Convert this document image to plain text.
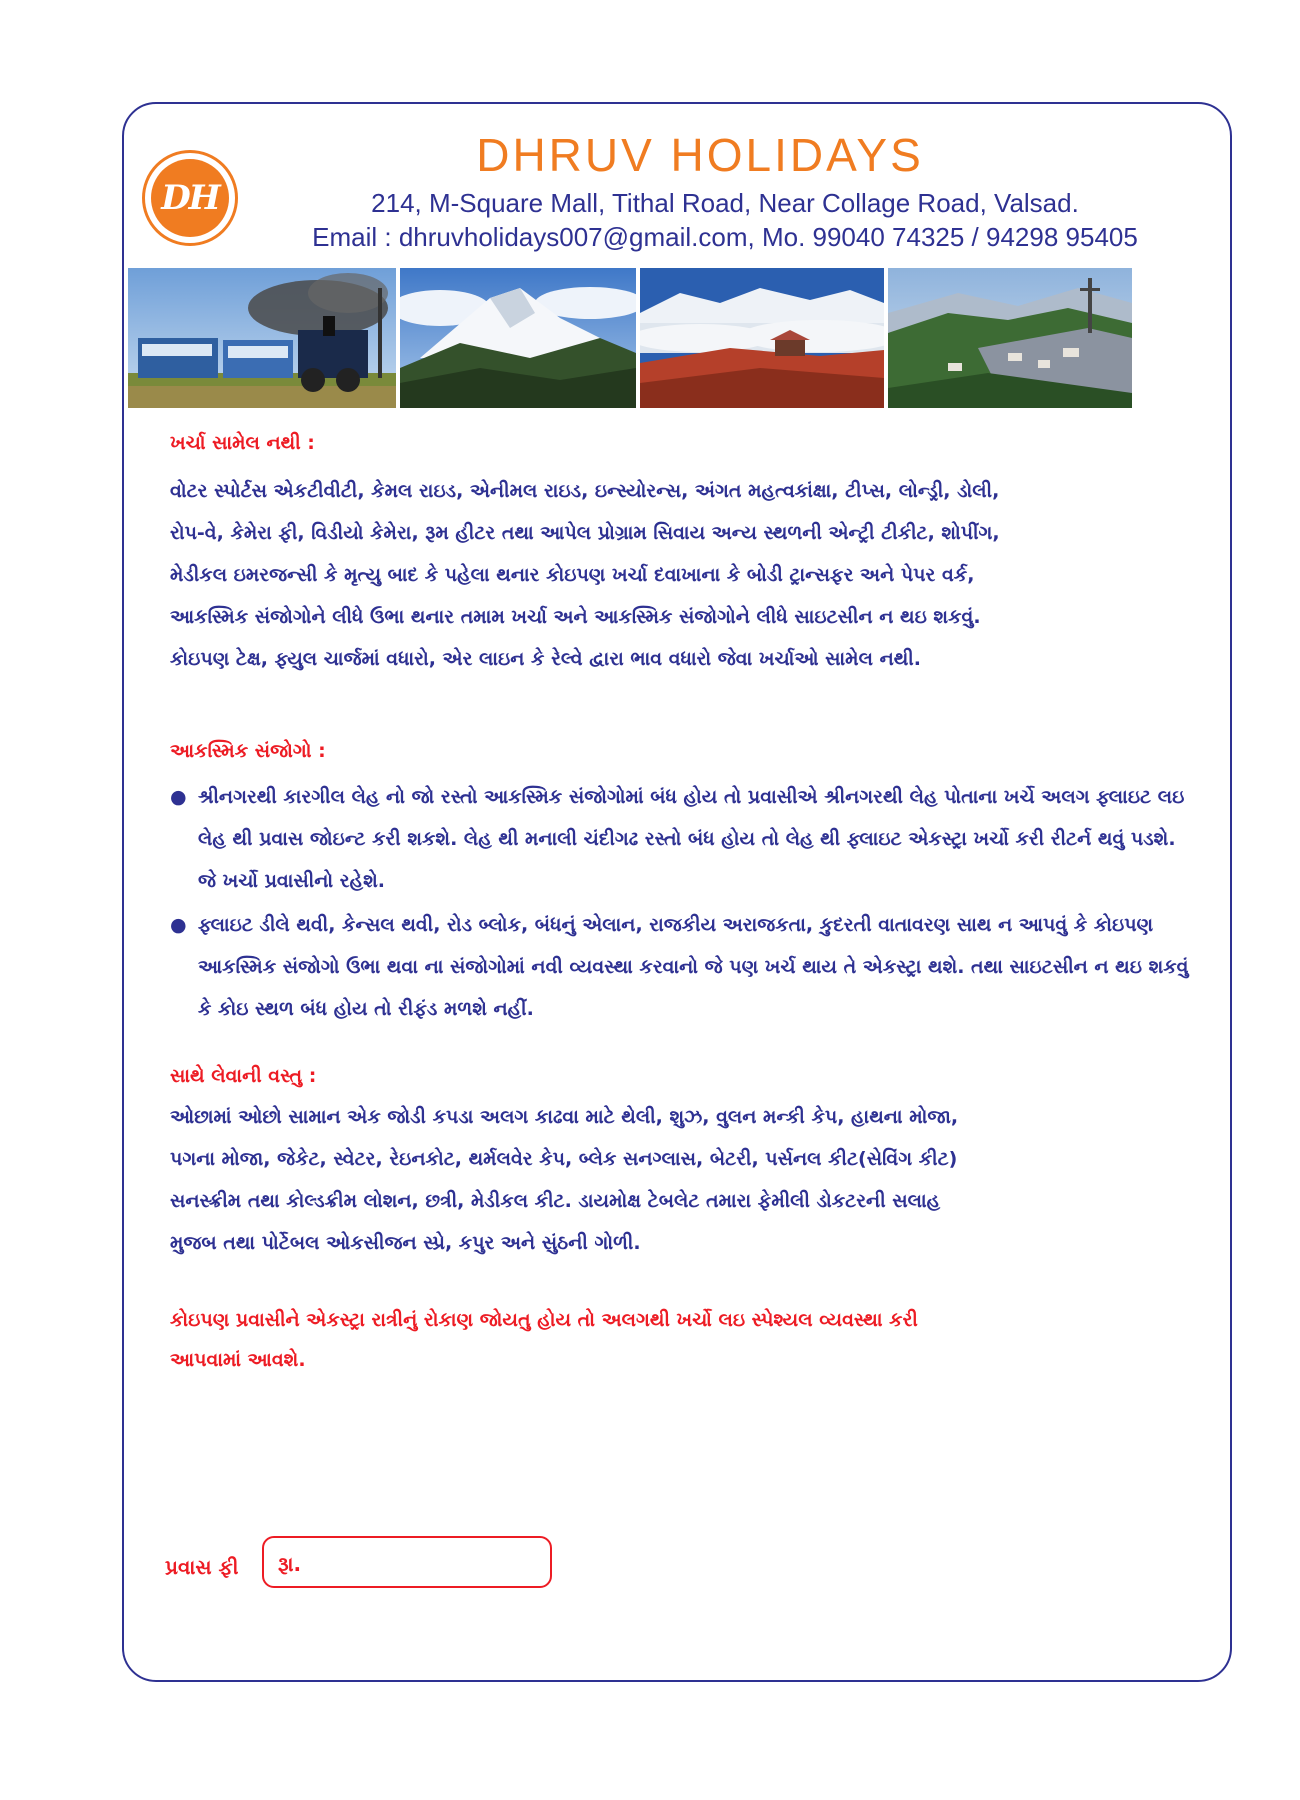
DH
DHRUV HOLIDAYS
214, M-Square Mall, Tithal Road, Near Collage Road, Valsad.
Email : dhruvholidays007@gmail.com, Mo. 99040 74325 / 94298 95405
ખર્ચા સામેલ નથી :

વોટર સ્પોર્ટસ એકટીવીટી, કેમલ રાઇડ, એનીમલ રાઇડ, ઇન્સ્યોરન્સ, અંગત મહત્વકાંક્ષા, ટીપ્સ, લોન્ડ્રી, ડોલી,

રોપ-વે, કેમેરા ફી, વિડીયો કેમેરા, રૂમ હીટર તથા આપેલ પ્રોગ્રામ સિવાય અન્ય સ્થળની એન્ટ્રી ટીકીટ, શોપીંગ,

મેડીકલ ઇમરજન્સી કે મૃત્યુ બાદ કે પહેલા થનાર કોઇપણ ખર્ચા દવાખાના કે બોડી ટ્રાન્સફર અને પેપર વર્ક,

આકસ્મિક સંજોગોને લીધે ઉભા થનાર તમામ ખર્ચા અને આકસ્મિક સંજોગોને લીધે સાઇટસીન ન થઇ શકવું.

કોઇપણ ટેક્ષ, ફ્યુલ ચાર્જમાં વધારો, એર લાઇન કે રેલ્વે દ્વારા ભાવ વધારો જેવા ખર્ચાઓ સામેલ નથી.

આકસ્મિક સંજોગો :
● શ્રીનગરથી કારગીલ લેહ નો જો રસ્તો આકસ્મિક સંજોગોમાં બંધ હોય તો પ્રવાસીએ શ્રીનગરથી લેહ પોતાના ખર્ચે અલગ ફ્લાઇટ લઇ લેહ થી પ્રવાસ જોઇન્ટ કરી શકશે. લેહ થી મનાલી ચંદીગઢ રસ્તો બંધ હોય તો લેહ થી ફ્લાઇટ એકસ્ટ્રા ખર્ચો કરી રીટર્ન થવું પડશે. જે ખર્ચો પ્રવાસીનો રહેશે.
● ફ્લાઇટ ડીલે થવી, કેન્સલ થવી, રોડ બ્લોક, બંધનું એલાન, રાજકીય અરાજકતા, કુદરતી વાતાવરણ સાથ ન આપવું કે કોઇપણ આકસ્મિક સંજોગો ઉભા થવા ના સંજોગોમાં નવી વ્યવસ્થા કરવાનો જે પણ ખર્ચ થાય તે એકસ્ટ્રા થશે. તથા સાઇટસીન ન થઇ શકવું કે કોઇ સ્થળ બંધ હોય તો રીફંડ મળશે નહીં.
સાથે લેવાની વસ્તુ :

ઓછામાં ઓછો સામાન એક જોડી કપડા અલગ કાઢવા માટે થેલી, શુઝ, વુલન મન્કી કેપ, હાથના મોજા,

પગના મોજા, જેકેટ, સ્વેટર, રેઇનકોટ, થર્મલવેર કેપ, બ્લેક સનગ્લાસ, બેટરી, પર્સનલ કીટ(સેવિંગ કીટ)

સનસ્ક્રીમ તથા કોલ્ડક્રીમ લોશન, છત્રી, મેડીકલ કીટ. ડાયમોક્ષ ટેબલેટ તમારા ફેમીલી ડોકટરની સલાહ

મુજબ તથા પોર્ટેબલ ઓકસીજન સ્પ્રે, કપુર અને સુંઠની ગોળી.

કોઇપણ પ્રવાસીને એકસ્ટ્રા રાત્રીનું રોકાણ જોયતુ હોય તો અલગથી ખર્ચો લઇ સ્પેશ્યલ વ્યવસ્થા કરી
આપવામાં આવશે.
પ્રવાસ ફી રૂા.
